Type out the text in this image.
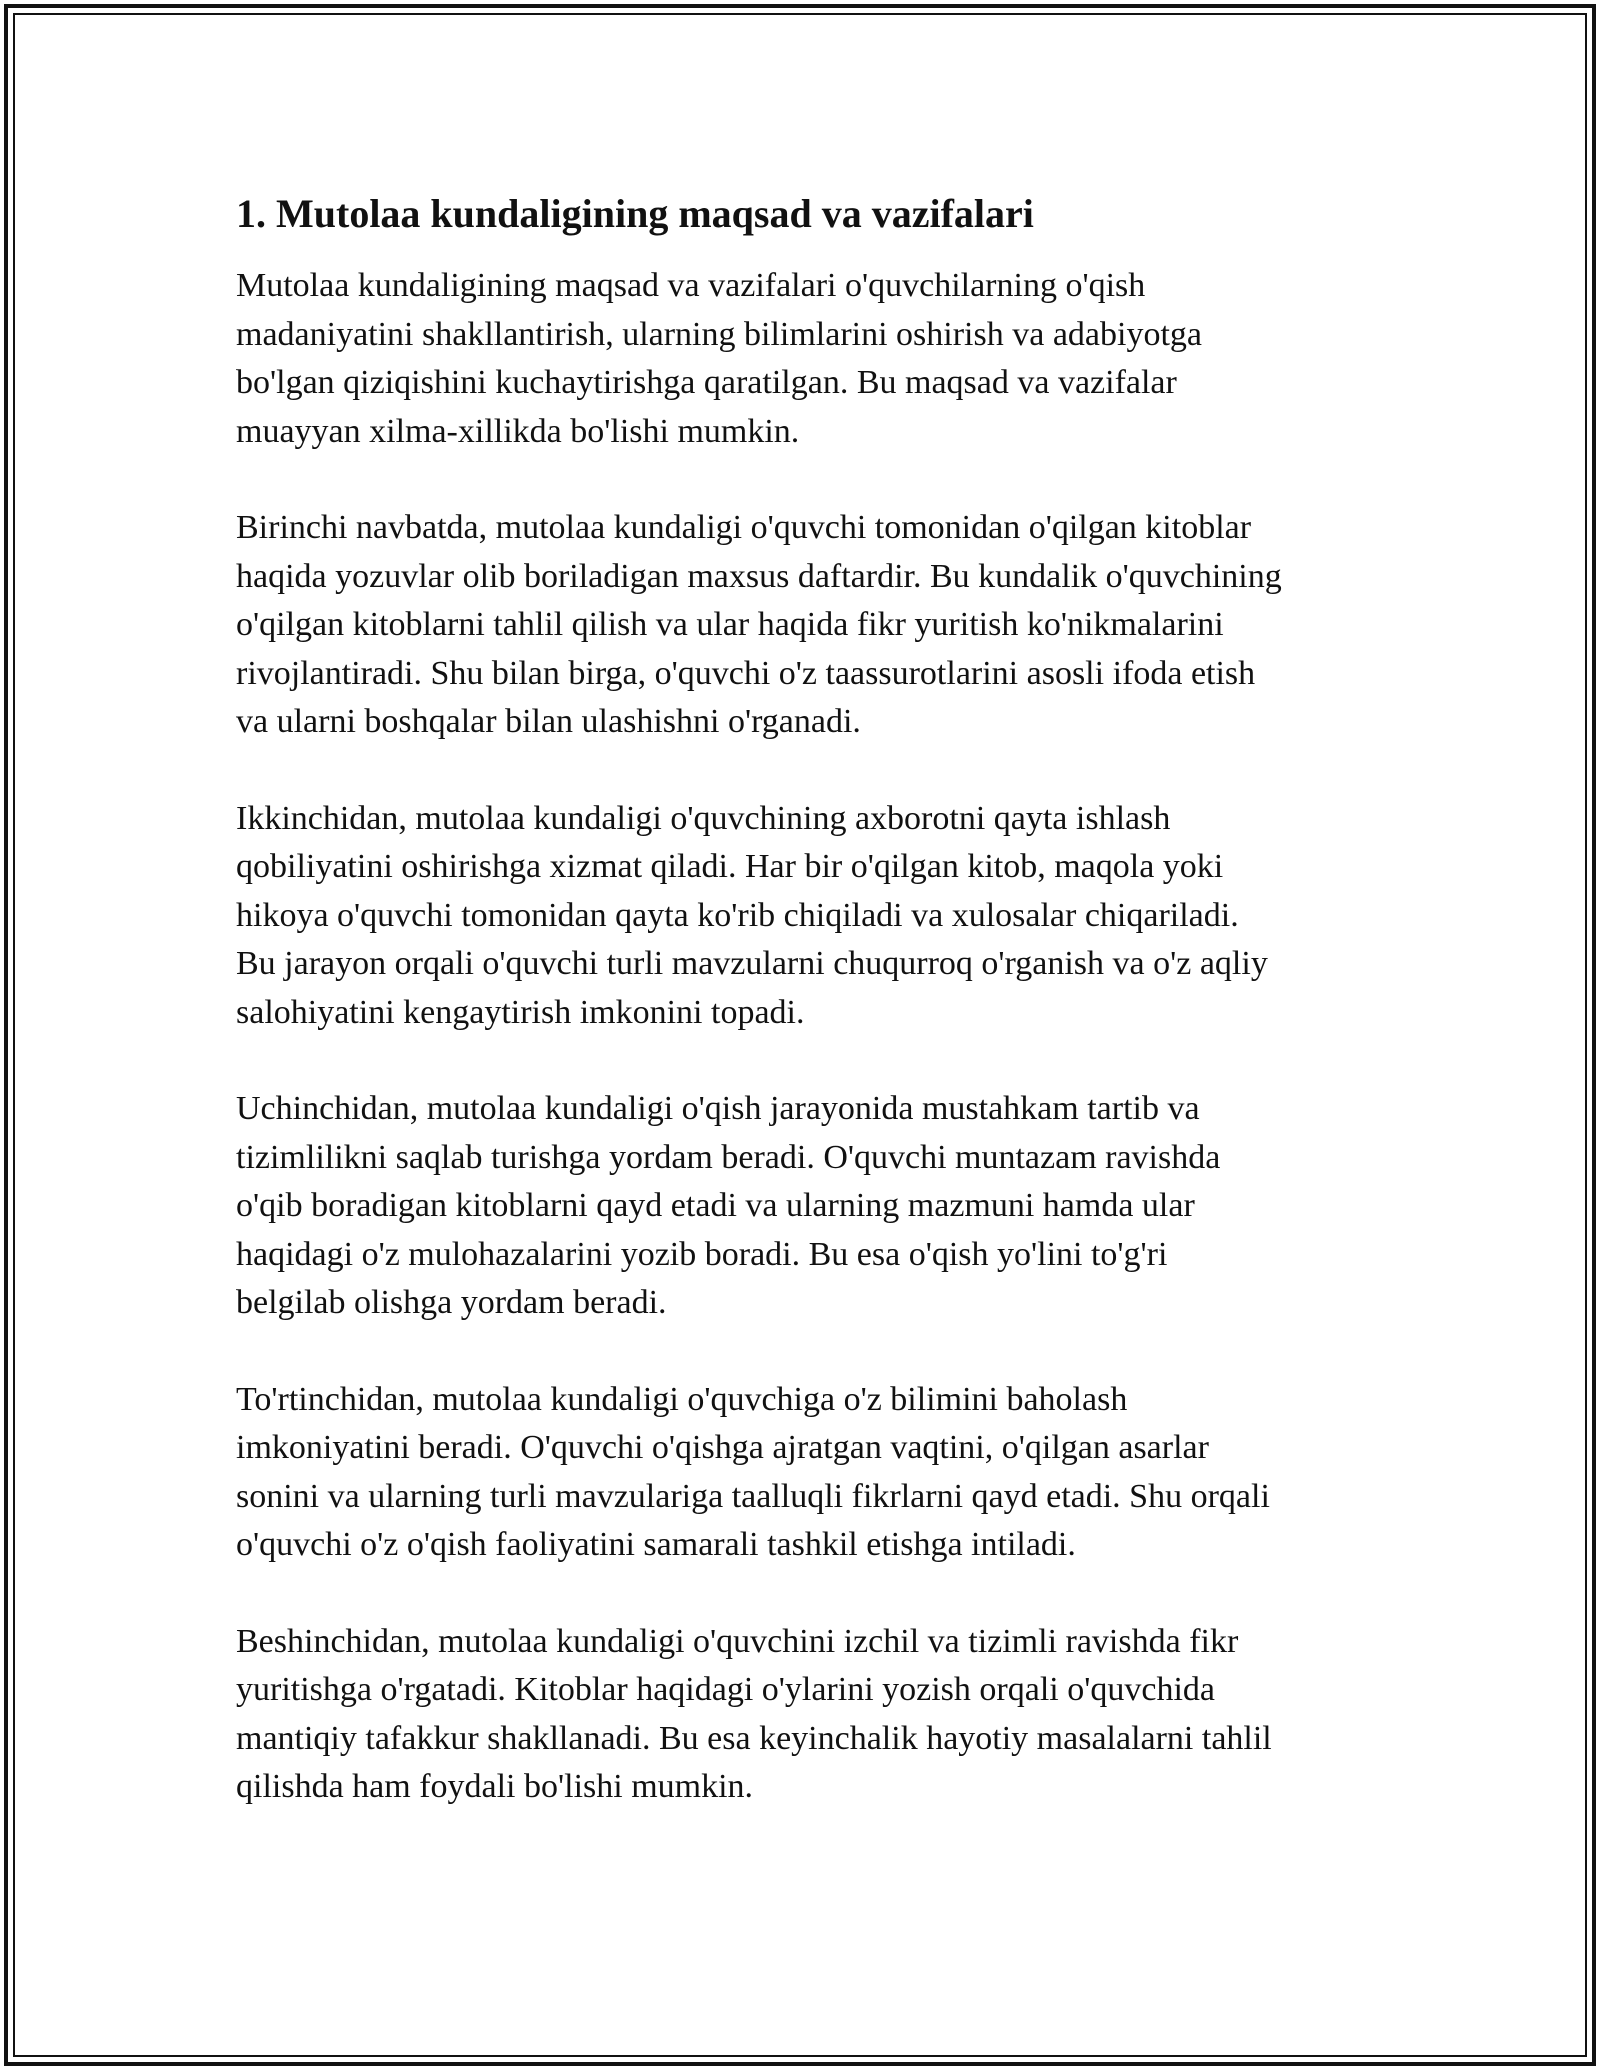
1. Mutolaa kundaligining maqsad va vazifalari
Mutolaa kundaligining maqsad va vazifalari o'quvchilarning o'qish
madaniyatini shakllantirish, ularning bilimlarini oshirish va adabiyotga
bo'lgan qiziqishini kuchaytirishga qaratilgan. Bu maqsad va vazifalar
muayyan xilma-xillikda bo'lishi mumkin.
Birinchi navbatda, mutolaa kundaligi o'quvchi tomonidan o'qilgan kitoblar
haqida yozuvlar olib boriladigan maxsus daftardir. Bu kundalik o'quvchining
o'qilgan kitoblarni tahlil qilish va ular haqida fikr yuritish ko'nikmalarini
rivojlantiradi. Shu bilan birga, o'quvchi o'z taassurotlarini asosli ifoda etish
va ularni boshqalar bilan ulashishni o'rganadi.
Ikkinchidan, mutolaa kundaligi o'quvchining axborotni qayta ishlash
qobiliyatini oshirishga xizmat qiladi. Har bir o'qilgan kitob, maqola yoki
hikoya o'quvchi tomonidan qayta ko'rib chiqiladi va xulosalar chiqariladi.
Bu jarayon orqali o'quvchi turli mavzularni chuqurroq o'rganish va o'z aqliy
salohiyatini kengaytirish imkonini topadi.
Uchinchidan, mutolaa kundaligi o'qish jarayonida mustahkam tartib va
tizimlilikni saqlab turishga yordam beradi. O'quvchi muntazam ravishda
o'qib boradigan kitoblarni qayd etadi va ularning mazmuni hamda ular
haqidagi o'z mulohazalarini yozib boradi. Bu esa o'qish yo'lini to'g'ri
belgilab olishga yordam beradi.
To'rtinchidan, mutolaa kundaligi o'quvchiga o'z bilimini baholash
imkoniyatini beradi. O'quvchi o'qishga ajratgan vaqtini, o'qilgan asarlar
sonini va ularning turli mavzulariga taalluqli fikrlarni qayd etadi. Shu orqali
o'quvchi o'z o'qish faoliyatini samarali tashkil etishga intiladi.
Beshinchidan, mutolaa kundaligi o'quvchini izchil va tizimli ravishda fikr
yuritishga o'rgatadi. Kitoblar haqidagi o'ylarini yozish orqali o'quvchida
mantiqiy tafakkur shakllanadi. Bu esa keyinchalik hayotiy masalalarni tahlil
qilishda ham foydali bo'lishi mumkin.
